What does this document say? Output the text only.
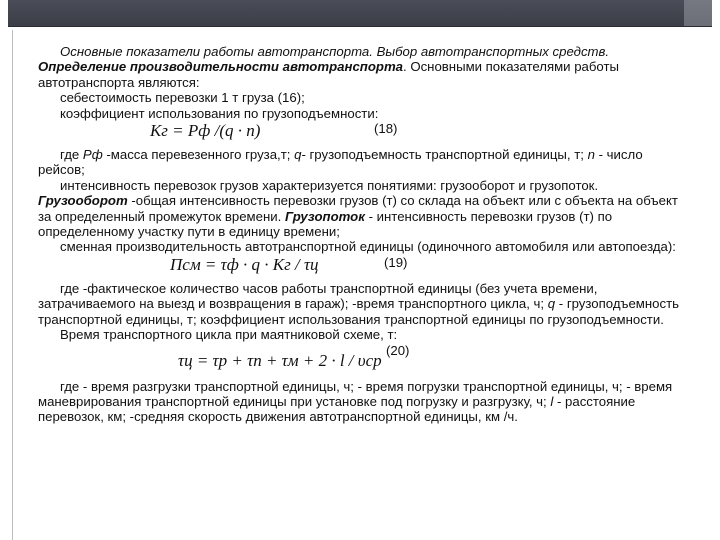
Основные показатели работы автотранспорта. Выбор автотранспортных средств. Определение производительности автотранспорта. Основными показателями работы автотранспорта являются:

себестоимость перевозки 1 т груза (16);

коэффициент использования по грузоподъемности:

Кг = Рф /(q · n)	(18)

где Рф -масса перевезенного груза,т; q- грузоподъемность транспортной единицы, т; n - число рейсов;

интенсивность перевозок грузов характеризуется понятиями: грузооборот и грузопоток. Грузооборот -общая интенсивность перевозки грузов (т) со склада на объект или с объекта на объект за определенный промежуток времени. Грузопоток - интенсивность перевозки грузов (т) по определенному участку пути в единицу времени;

сменная производительность автотранспортной единицы (одиночного автомобиля или автопоезда):

Псм = τф · q · Кг / τц	(19)

где -фактическое количество часов работы транспортной единицы (без учета времени, затрачиваемого на выезд и возвращения в гараж); -время транспортного цикла, ч; q - грузоподъемность транспортной единицы, т; коэффициент использования транспортной единицы по грузоподъемности.

Время транспортного цикла при маятниковой схеме, т:

τц = τр + τп + τм + 2 · l / υср
(20)

где - время разгрузки транспортной единицы, ч; - время погрузки транспортной единицы, ч; - время маневрирования транспортной единицы при установке под погрузку и разгрузку, ч; l - расстояние перевозок, км; -средняя скорость движения автотранспортной единицы, км /ч.
